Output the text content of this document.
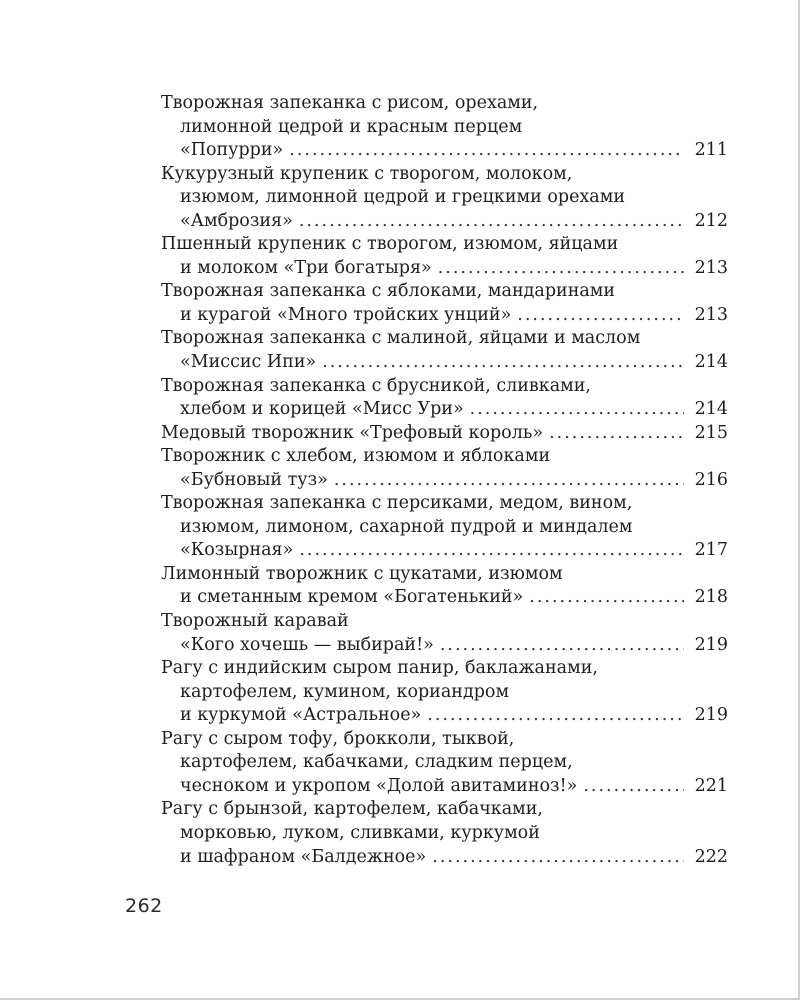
Творожная запеканка с рисом, орехами,
лимонной цедрой и красным перцем
«Попурри» .....	211
Кукурузный крупеник с творогом, молоком,
изюмом, лимонной цедрой и грецкими орехами
«Амброзия» .....	212
Пшенный крупеник с творогом, изюмом, яйцами
и молоком «Три богатыря» .....	213
Творожная запеканка с яблоками, мандаринами
и курагой «Много тройских унций» .....	213
Творожная запеканка с малиной, яйцами и маслом
«Миссис Ипи» .....	214
Творожная запеканка с брусникой, сливками,
хлебом и корицей «Мисс Ури» .....	214
Медовый творожник «Трефовый король» .....	215
Творожник с хлебом, изюмом и яблоками
«Бубновый туз» .....	216
Творожная запеканка с персиками, медом, вином,
изюмом, лимоном, сахарной пудрой и миндалем
«Козырная» .....	217
Лимонный творожник с цукатами, изюмом
и сметанным кремом «Богатенький» .....	218
Творожный каравай
«Кого хочешь — выбирай!» .....	219
Рагу с индийским сыром панир, баклажанами,
картофелем, кумином, кориандром
и куркумой «Астральное» .....	219
Рагу с сыром тофу, брокколи, тыквой,
картофелем, кабачками, сладким перцем,
чесноком и укропом «Долой авитаминоз!» .....	221
Рагу с брынзой, картофелем, кабачками,
морковью, луком, сливками, куркумой
и шафраном «Балдежное» .....	222
262
